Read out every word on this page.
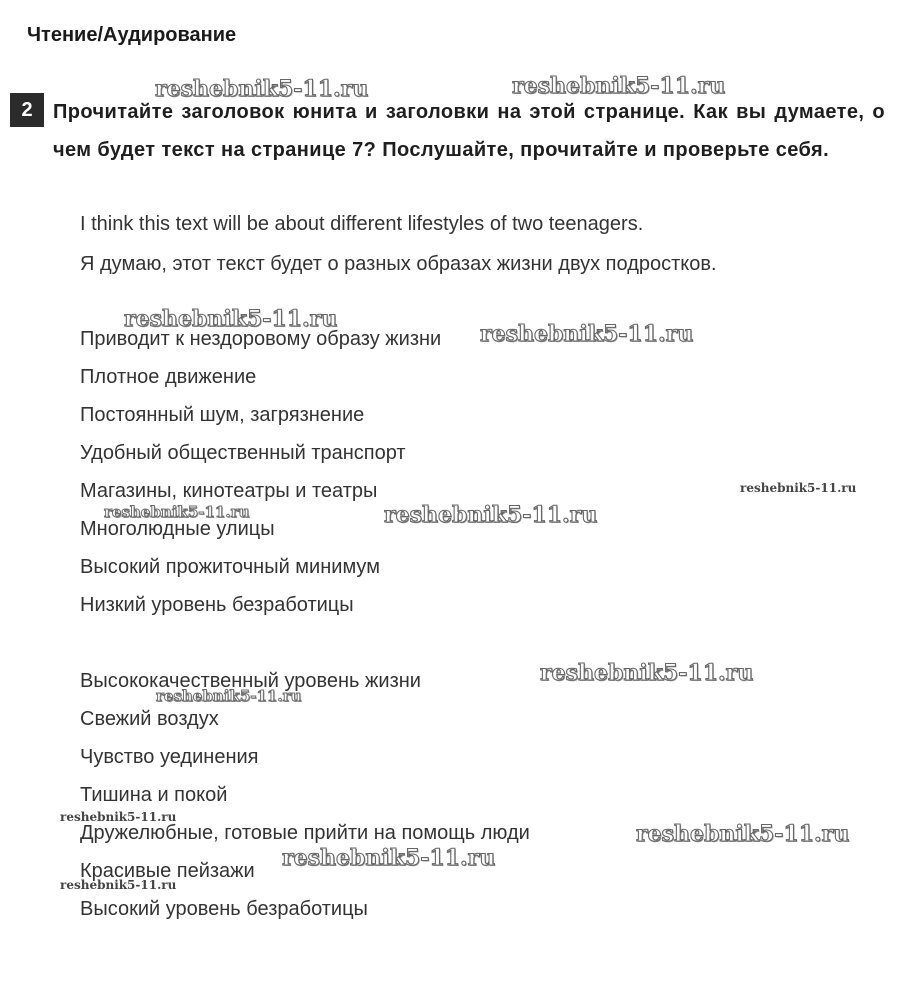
Чтение/Аудирование
2	Прочитайте заголовок юнита и заголовки на этой странице. Как вы думаете, о чем будет текст на странице 7? Послушайте, прочитайте и проверьте себя.
I think this text will be about different lifestyles of two teenagers.
Я думаю, этот текст будет о разных образах жизни двух подростков.
Приводит к нездоровому образу жизни
Плотное движение
Постоянный шум, загрязнение
Удобный общественный транспорт
Магазины, кинотеатры и театры
Многолюдные улицы
Высокий прожиточный минимум
Низкий уровень безработицы
Высококачественный уровень жизни
Свежий воздух
Чувство уединения
Тишина и покой
Дружелюбные, готовые прийти на помощь люди
Красивые пейзажи
Высокий уровень безработицы
reshebnik5-11.ru	reshebnik5-11.ru
reshebnik5-11.ru
reshebnik5-11.ru
reshebnik5-11.ru
reshebnik5-11.ru	reshebnik5-11.ru
reshebnik5-11.ru
reshebnik5-11.ru
reshebnik5-11.ru
reshebnik5-11.ru
reshebnik5-11.ru
reshebnik5-11.ru
